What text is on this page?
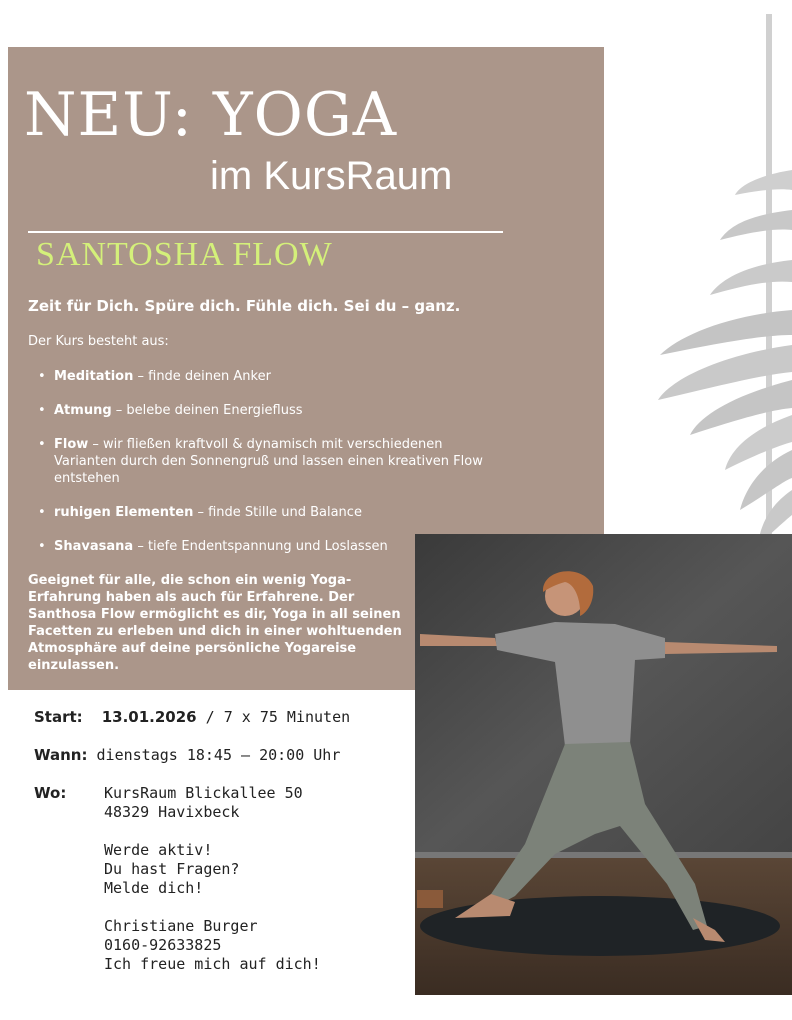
NEU: YOGA
im KursRaum
SANTOSHA FLOW
Zeit für Dich. Spüre dich. Fühle dich. Sei du – ganz.
Der Kurs besteht aus:
• Meditation – finde deinen Anker
• Atmung – belebe deinen Energiefluss
• Flow – wir fließen kraftvoll & dynamisch mit verschiedenen Varianten durch den Sonnengruß und lassen einen kreativen Flow entstehen
• ruhigen Elementen – finde Stille und Balance
• Shavasana – tiefe Endentspannung und Loslassen
Geeignet für alle, die schon ein wenig Yoga-Erfahrung haben als auch für Erfahrene. Der Santhosa Flow ermöglicht es dir, Yoga in all seinen Facetten zu erleben und dich in einer wohltuenden Atmosphäre auf deine persönliche Yogareise einzulassen.
Start: 13.01.2026 / 7 x 75 Minuten
Wann: dienstags 18:45 – 20:00 Uhr
Wo:	KursRaum Blickallee 50
48329 Havixbeck
Werde aktiv!
Du hast Fragen?
Melde dich!
Christiane Burger
0160-92633825
Ich freue mich auf dich!
